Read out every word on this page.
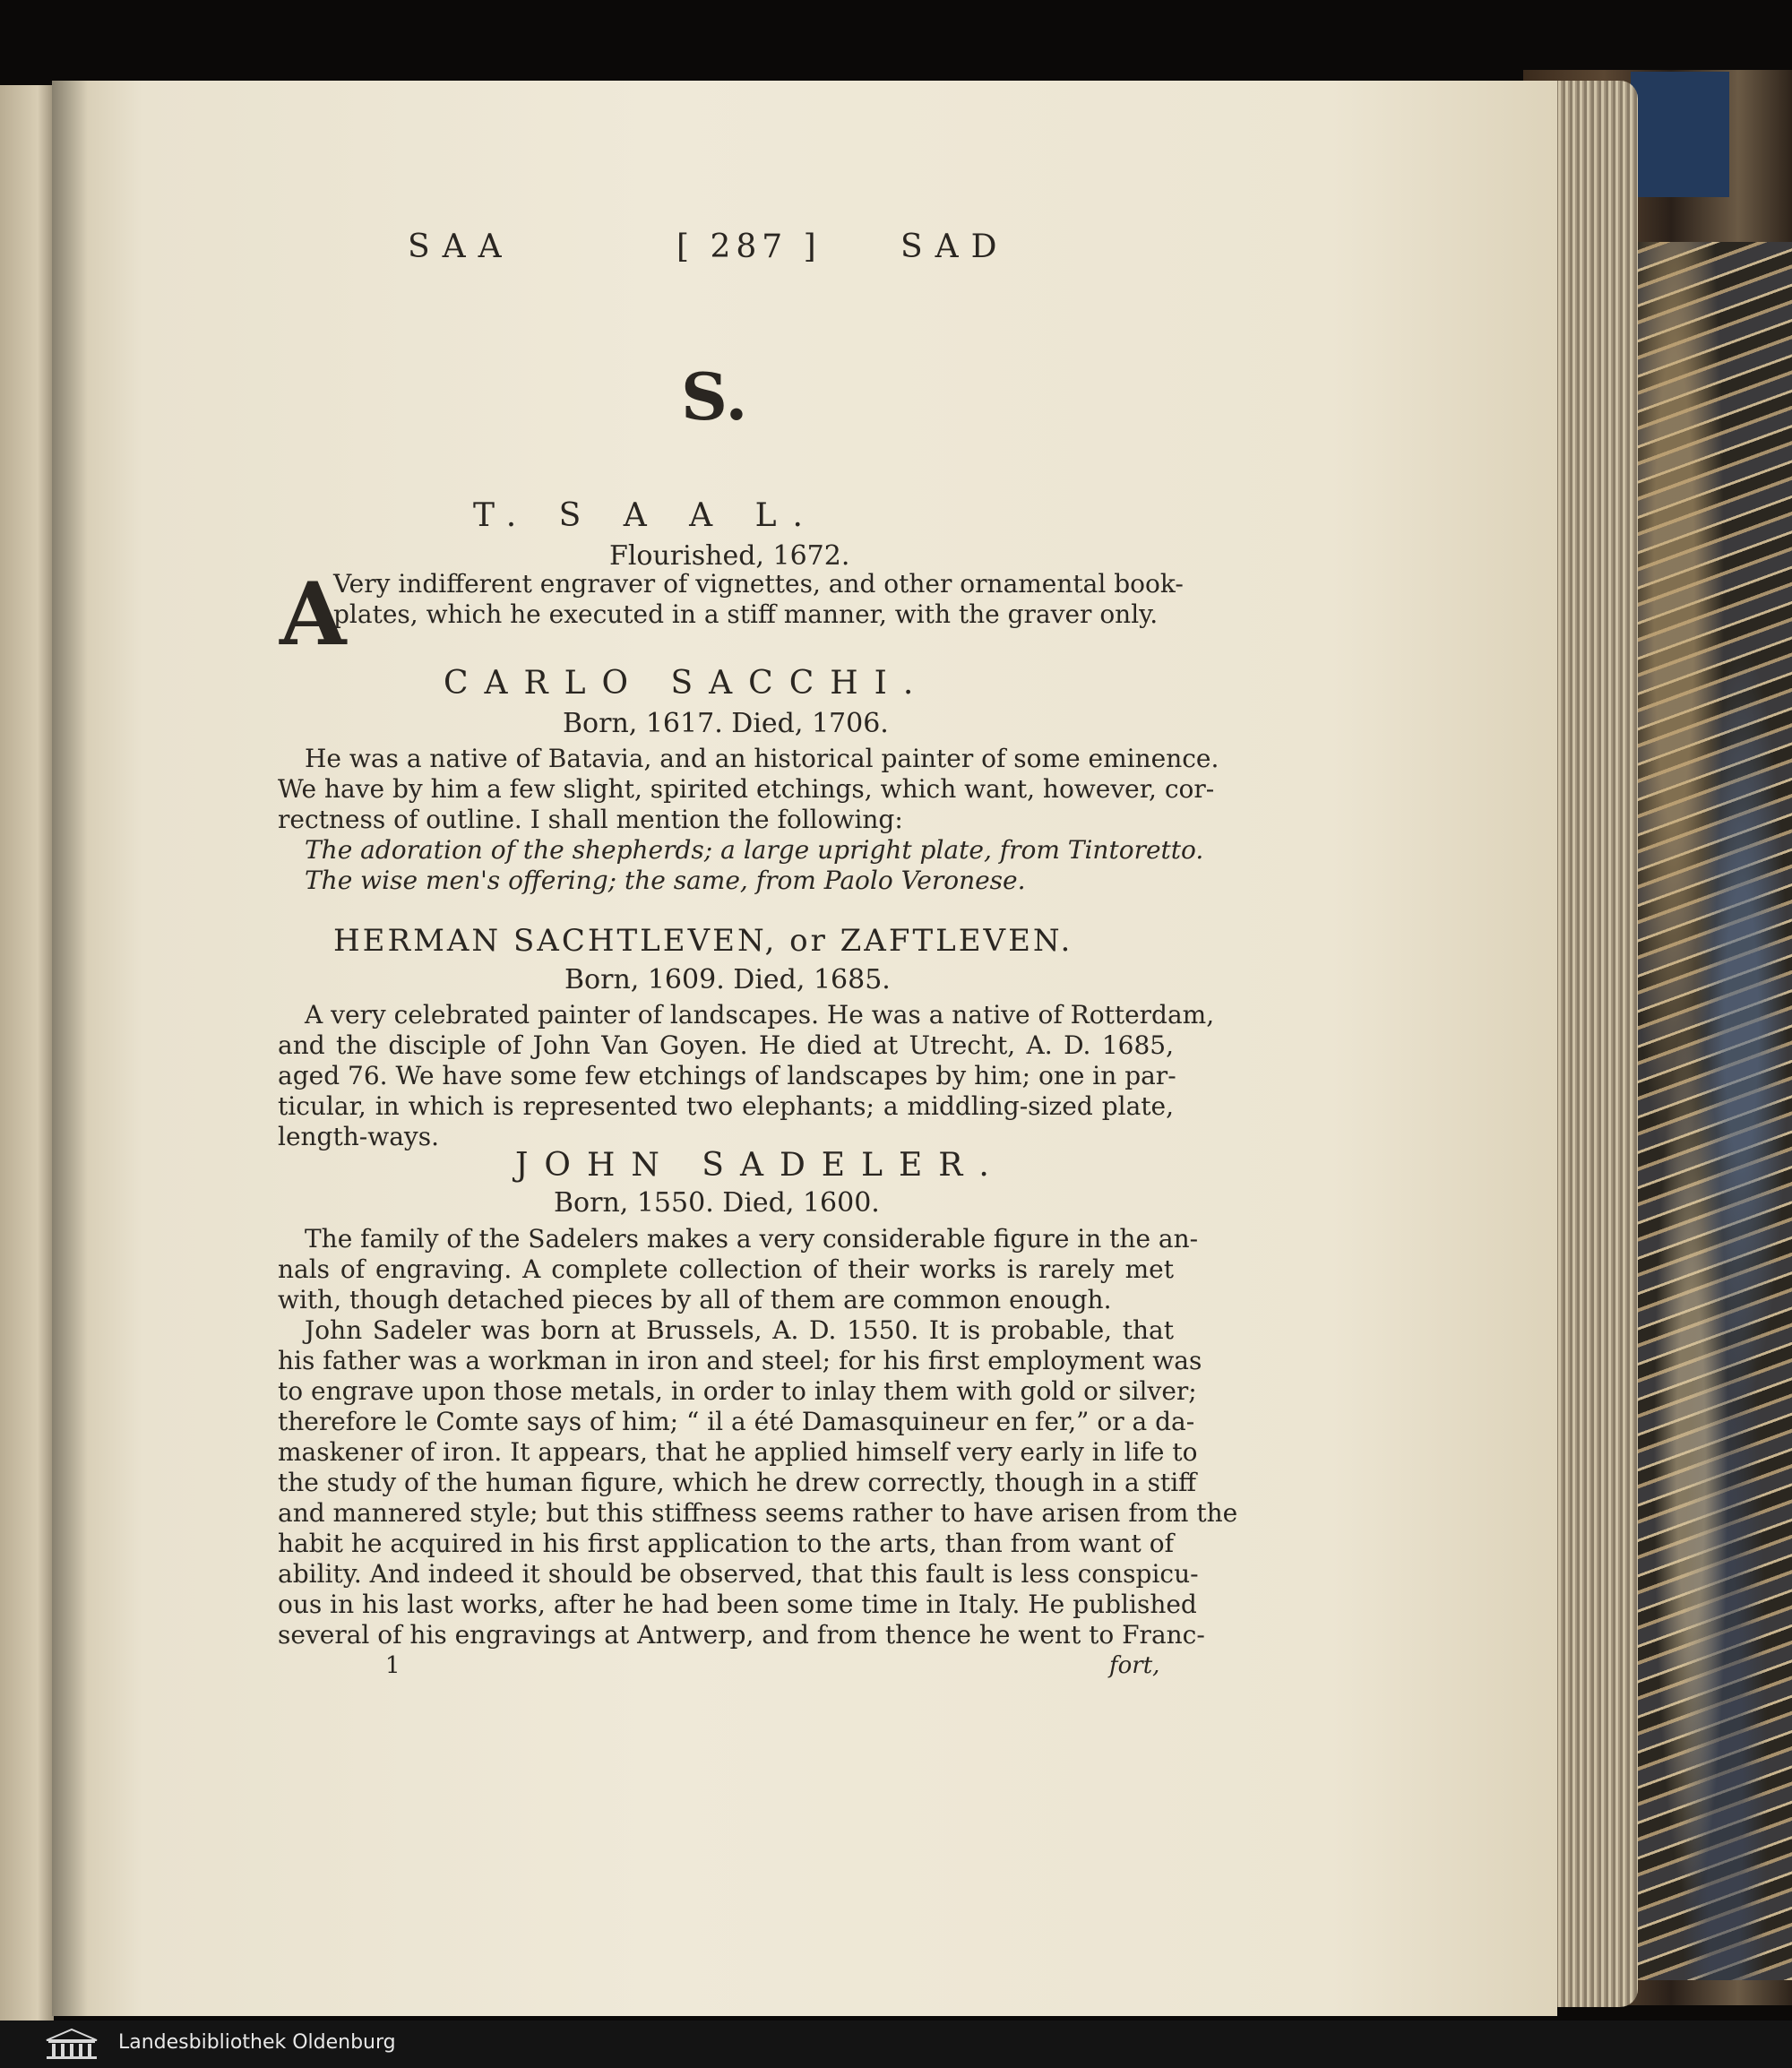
SAA	[ 287 ] SAD
S.
T. S A A L.
Flourished, 1672.
A
Very indifferent engraver of vignettes, and other ornamental book-
plates, which he executed in a stiff manner, with the graver only.
CARLO SACCHI.
Born, 1617. Died, 1706.
He was a native of Batavia, and an historical painter of some eminence.
We have by him a few slight, spirited etchings, which want, however, cor-
rectness of outline. I shall mention the following:
The adoration of the shepherds; a large upright plate, from Tintoretto.
The wise men's offering; the same, from Paolo Veronese.
HERMAN SACHTLEVEN, or ZAFTLEVEN.
Born, 1609. Died, 1685.
A very celebrated painter of landscapes. He was a native of Rotterdam,
and the disciple of John Van Goyen. He died at Utrecht, A. D. 1685,
aged 76. We have some few etchings of landscapes by him; one in par-
ticular, in which is represented two elephants; a middling-sized plate,
length-ways.
JOHN SADELER.
Born, 1550. Died, 1600.
The family of the Sadelers makes a very considerable figure in the an-
nals of engraving. A complete collection of their works is rarely met
with, though detached pieces by all of them are common enough.
John Sadeler was born at Brussels, A. D. 1550. It is probable, that
his father was a workman in iron and steel; for his first employment was
to engrave upon those metals, in order to inlay them with gold or silver;
therefore le Comte says of him; “ il a été Damasquineur en fer,” or a da-
maskener of iron. It appears, that he applied himself very early in life to
the study of the human figure, which he drew correctly, though in a stiff
and mannered style; but this stiffness seems rather to have arisen from the
habit he acquired in his first application to the arts, than from want of
ability. And indeed it should be observed, that this fault is less conspicu-
ous in his last works, after he had been some time in Italy. He published
several of his engravings at Antwerp, and from thence he went to Franc-
1	fort,
Landesbibliothek Oldenburg
